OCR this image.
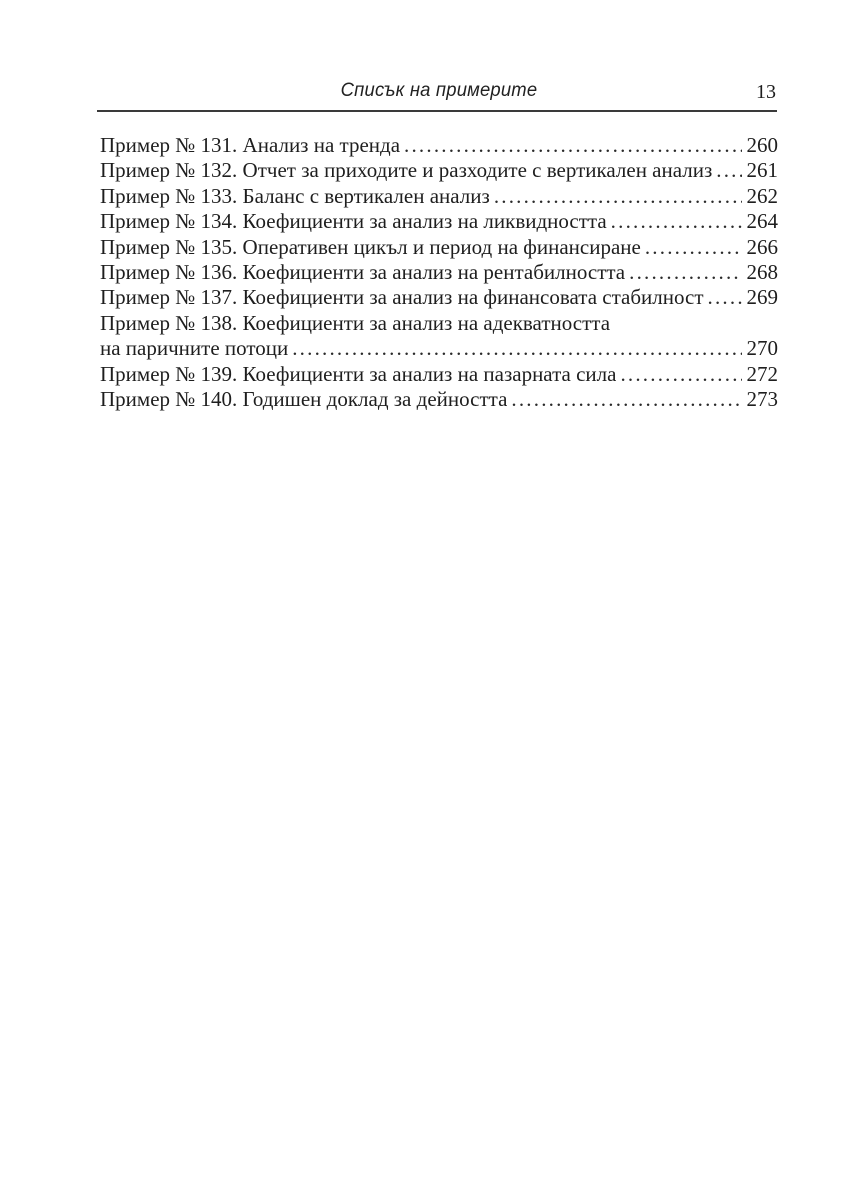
Списък на примерите	13
Пример № 131. Анализ на тренда .....	260
Пример № 132. Отчет за приходите и разходите с вертикален анализ ..... 261
Пример № 133. Баланс с вертикален анализ .....	262
Пример № 134. Коефициенти за анализ на ликвидността .....	264
Пример № 135. Оперативен цикъл и период на финансиране .....	266
Пример № 136. Коефициенти за анализ на рентабилността .....	268
Пример № 137. Коефициенти за анализ на финансовата стабилност ..... 269
Пример № 138. Коефициенти за анализ на адекватността
на паричните потоци .....	270
Пример № 139. Коефициенти за анализ на пазарната сила .....	272
Пример № 140. Годишен доклад за дейността .....	273
